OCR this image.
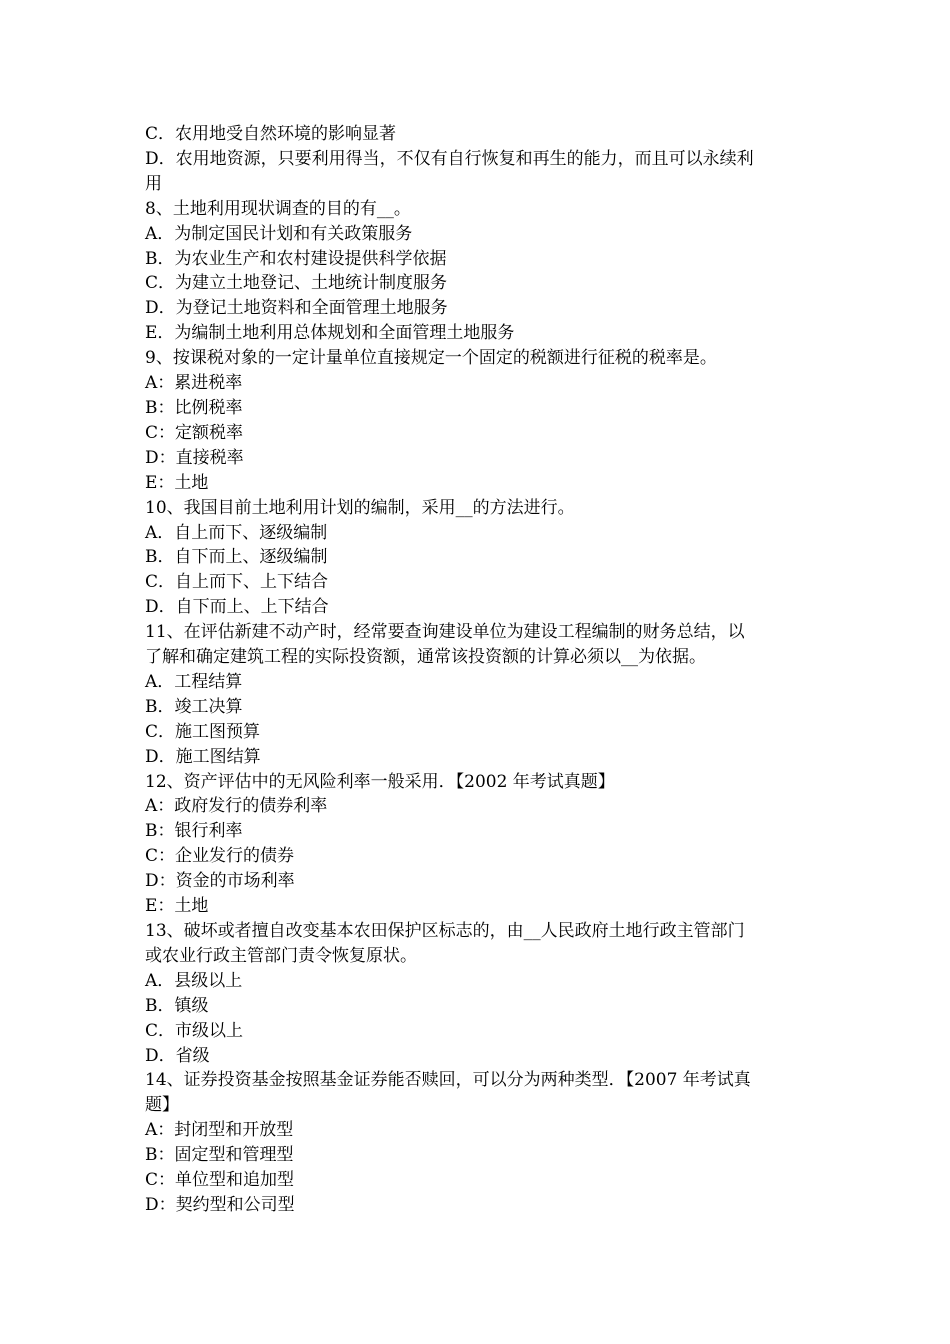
C．农用地受自然环境的影响显著
D．农用地资源，只要利用得当，不仅有自行恢复和再生的能力，而且可以永续利
用
8、土地利用现状调查的目的有__。
A．为制定国民计划和有关政策服务
B．为农业生产和农村建设提供科学依据
C．为建立土地登记、土地统计制度服务
D．为登记土地资料和全面管理土地服务
E．为编制土地利用总体规划和全面管理土地服务
9、按课税对象的一定计量单位直接规定一个固定的税额进行征税的税率是。
A：累进税率
B：比例税率
C：定额税率
D：直接税率
E：土地
10、我国目前土地利用计划的编制，采用__的方法进行。
A．自上而下、逐级编制
B．自下而上、逐级编制
C．自上而下、上下结合
D．自下而上、上下结合
11、在评估新建不动产时，经常要查询建设单位为建设工程编制的财务总结，以
了解和确定建筑工程的实际投资额，通常该投资额的计算必须以__为依据。
A．工程结算
B．竣工决算
C．施工图预算
D．施工图结算
12、资产评估中的无风险利率一般采用．【2002 年考试真题】
A：政府发行的债券利率
B：银行利率
C：企业发行的债券
D：资金的市场利率
E：土地
13、破坏或者擅自改变基本农田保护区标志的，由__人民政府土地行政主管部门
或农业行政主管部门责令恢复原状。
A．县级以上
B．镇级
C．市级以上
D．省级
14、证券投资基金按照基金证券能否赎回，可以分为两种类型．【2007 年考试真
题】
A：封闭型和开放型
B：固定型和管理型
C：单位型和追加型
D：契约型和公司型
